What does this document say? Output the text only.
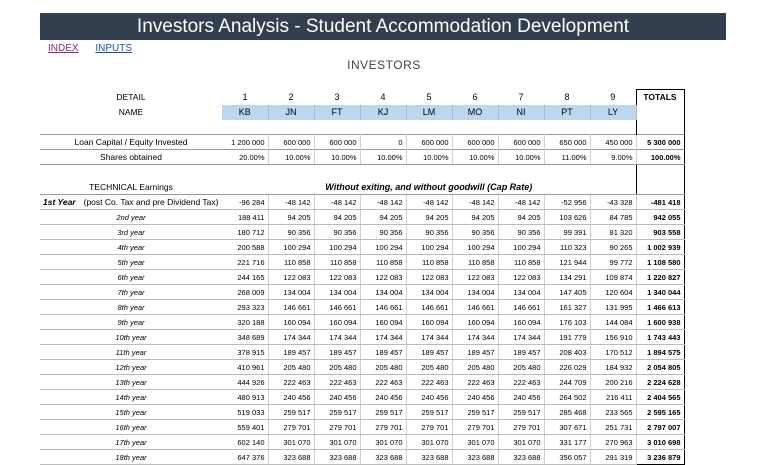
Investors Analysis - Student Accommodation Development
INDEX INPUTS
INVESTORS
DETAIL	1	2	3	4	5	6	7	8	9	TOTALS
NAME	KB	JN	FT	KJ	LM	MO	NI	PT	LY	

Loan Capital / Equity Invested	1 200 000	600 000	600 000	0	600 000	600 000	600 000	650 000	450 000	5 300 000
Shares obtained	20.00%	10.00%	10.00%	10.00%	10.00%	10.00%	10.00%	11.00%	9.00%	100.00%

TECHNICAL Earnings	Without exiting, and without goodwill (Cap Rate)									
1st Year (post Co. Tax and pre Dividend Tax)	-96 284	-48 142	-48 142	-48 142	-48 142	-48 142	-48 142	-52 956	-43 328	-481 418
2nd year	188 411	94 205	94 205	94 205	94 205	94 205	94 205	103 626	84 785	942 055
3rd year	180 712	90 356	90 356	90 356	90 356	90 356	90 356	99 391	81 320	903 558
4th year	200 588	100 294	100 294	100 294	100 294	100 294	100 294	110 323	90 265	1 002 939
5th year	221 716	110 858	110 858	110 858	110 858	110 858	110 858	121 944	99 772	1 108 580
6th year	244 165	122 083	122 083	122 083	122 083	122 083	122 083	134 291	109 874	1 220 827
7th year	268 009	134 004	134 004	134 004	134 004	134 004	134 004	147 405	120 604	1 340 044
8th year	293 323	146 661	146 661	146 661	146 661	146 661	146 661	161 327	131 995	1 466 613
9th year	320 188	160 094	160 094	160 094	160 094	160 094	160 094	176 103	144 084	1 600 938
10th year	348 689	174 344	174 344	174 344	174 344	174 344	174 344	191 779	156 910	1 743 443
11th year	378 915	189 457	189 457	189 457	189 457	189 457	189 457	208 403	170 512	1 894 575
12th year	410 961	205 480	205 480	205 480	205 480	205 480	205 480	226 029	184 932	2 054 805
13th year	444 926	222 463	222 463	222 463	222 463	222 463	222 463	244 709	200 216	2 224 628
14th year	480 913	240 456	240 456	240 456	240 456	240 456	240 456	264 502	216 411	2 404 565
15th year	519 033	259 517	259 517	259 517	259 517	259 517	259 517	285 468	233 565	2 595 165
16th year	559 401	279 701	279 701	279 701	279 701	279 701	279 701	307 671	251 731	2 797 007
17th year	602 140	301 070	301 070	301 070	301 070	301 070	301 070	331 177	270 963	3 010 698
18th year	647 376	323 688	323 688	323 688	323 688	323 688	323 688	356 057	291 319	3 236 879
